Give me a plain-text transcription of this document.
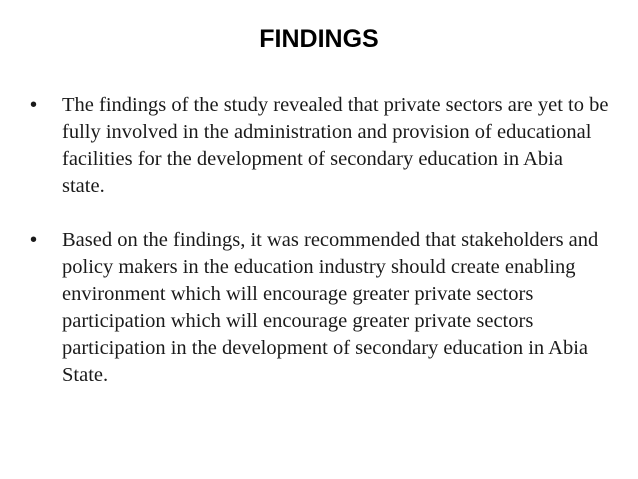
FINDINGS
• The findings of the study revealed that private sectors are yet to be fully involved in the administration and provision of educational facilities for the development of secondary education in Abia state.
• Based on the findings, it was recommended that stakeholders and policy makers in the education industry should create enabling environment which will encourage greater private sectors participation which will encourage greater private sectors participation in the development of secondary education in Abia State.
